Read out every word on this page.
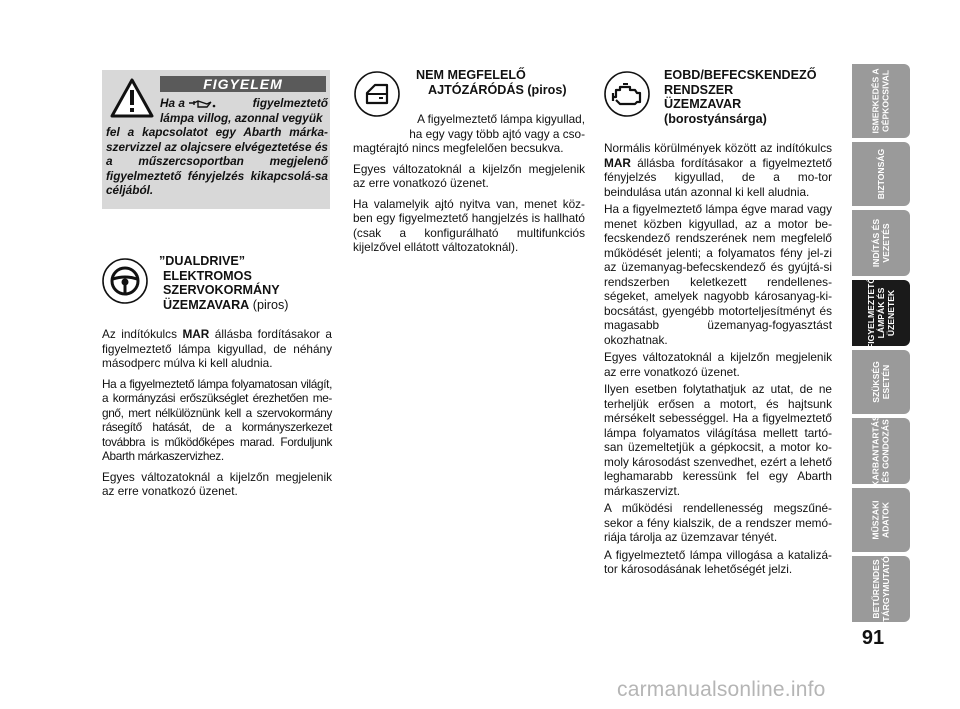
FIGYELEM

Ha a	figyelmeztető

lámpa villog, azonnal vegyük

fel a kapcsolatot egy Abarth márka-szervizzel az olajcsere elvégeztetése és a műszercsoportban megjelenő figyelmeztető fényjelzés kikapcsolá-sa céljából.

”DUALDRIVE”
ELEKTROMOS
SZERVOKORMÁNY
ÜZEMZAVARA (piros)

Az indítókulcs MAR állásba fordításakor a figyelmeztető lámpa kigyullad, de néhány másodperc múlva ki kell aludnia.

Ha a figyelmeztető lámpa folyamatosan világít, a kormányzási erőszükséglet érezhetően me-gnő, mert nélkülöznünk kell a szervokormány rásegítő hatását, de a kormányszerkezet továbbra is működőképes marad. Forduljunk Abarth márkaszervizhez.

Egyes változatoknál a kijelzőn megjelenik az erre vonatkozó üzenet.

NEM MEGFELELŐ
AJTÓZÁRÓDÁS (piros)

A figyelmeztető lámpa kigyullad,

ha egy vagy több ajtó vagy a cso-

magtérajtó nincs megfelelően becsukva.

Egyes változatoknál a kijelzőn megjelenik az erre vonatkozó üzenet.

Ha valamelyik ajtó nyitva van, menet köz-ben egy figyelmeztető hangjelzés is hallható (csak a konfigurálható multifunkciós kijelzővel ellátott változatoknál).

EOBD/BEFECSKENDEZŐ
RENDSZER
ÜZEMZAVAR
(borostyánsárga)

Normális körülmények között az indítókulcs MAR állásba fordításakor a figyelmeztető fényjelzés kigyullad, de a mo-tor beindulása után azonnal ki kell aludnia.

Ha a figyelmeztető lámpa égve marad vagy menet közben kigyullad, az a motor be-fecskendező rendszerének nem megfelelő működését jelenti; a folyamatos fény jel-zi az üzemanyag-befecskendező és gyújtá-si rendszerben keletkezett rendellenes-ségeket, amelyek nagyobb károsanyag-ki-bocsátást, gyengébb motorteljesítményt és magasabb üzemanyag-fogyasztást okozhatnak.

Egyes változatoknál a kijelzőn megjelenik az erre vonatkozó üzenet.

Ilyen esetben folytathatjuk az utat, de ne terheljük erősen a motort, és hajtsunk mérsékelt sebességgel. Ha a figyelmeztető lámpa folyamatos világítása mellett tartó-san üzemeltetjük a gépkocsit, a motor ko-moly károsodást szenvedhet, ezért a lehető leghamarabb keressünk fel egy Abarth márkaszervizt.

A működési rendellenesség megszűné-sekor a fény kialszik, de a rendszer memó-riája tárolja az üzemzavar tényét.

A figyelmeztető lámpa villogása a katalizá-tor károsodásának lehetőségét jelzi.

ISMERKEDÉS A
GÉPKOCSIVAL
BIZTONSÁG
INDÍTÁS ÉS
VEZETÉS
FIGYELMEZTETŐ
LÁMPÁK ÉS
ÜZENETEK
SZÜKSÉG
ESETÉN
KARBANTARTÁS
ÉS GONDOZÁS
MŰSZAKI
ADATOK
BETŰRENDES
TÁRGYMUTATÓ
91
carmanualsonline.info
